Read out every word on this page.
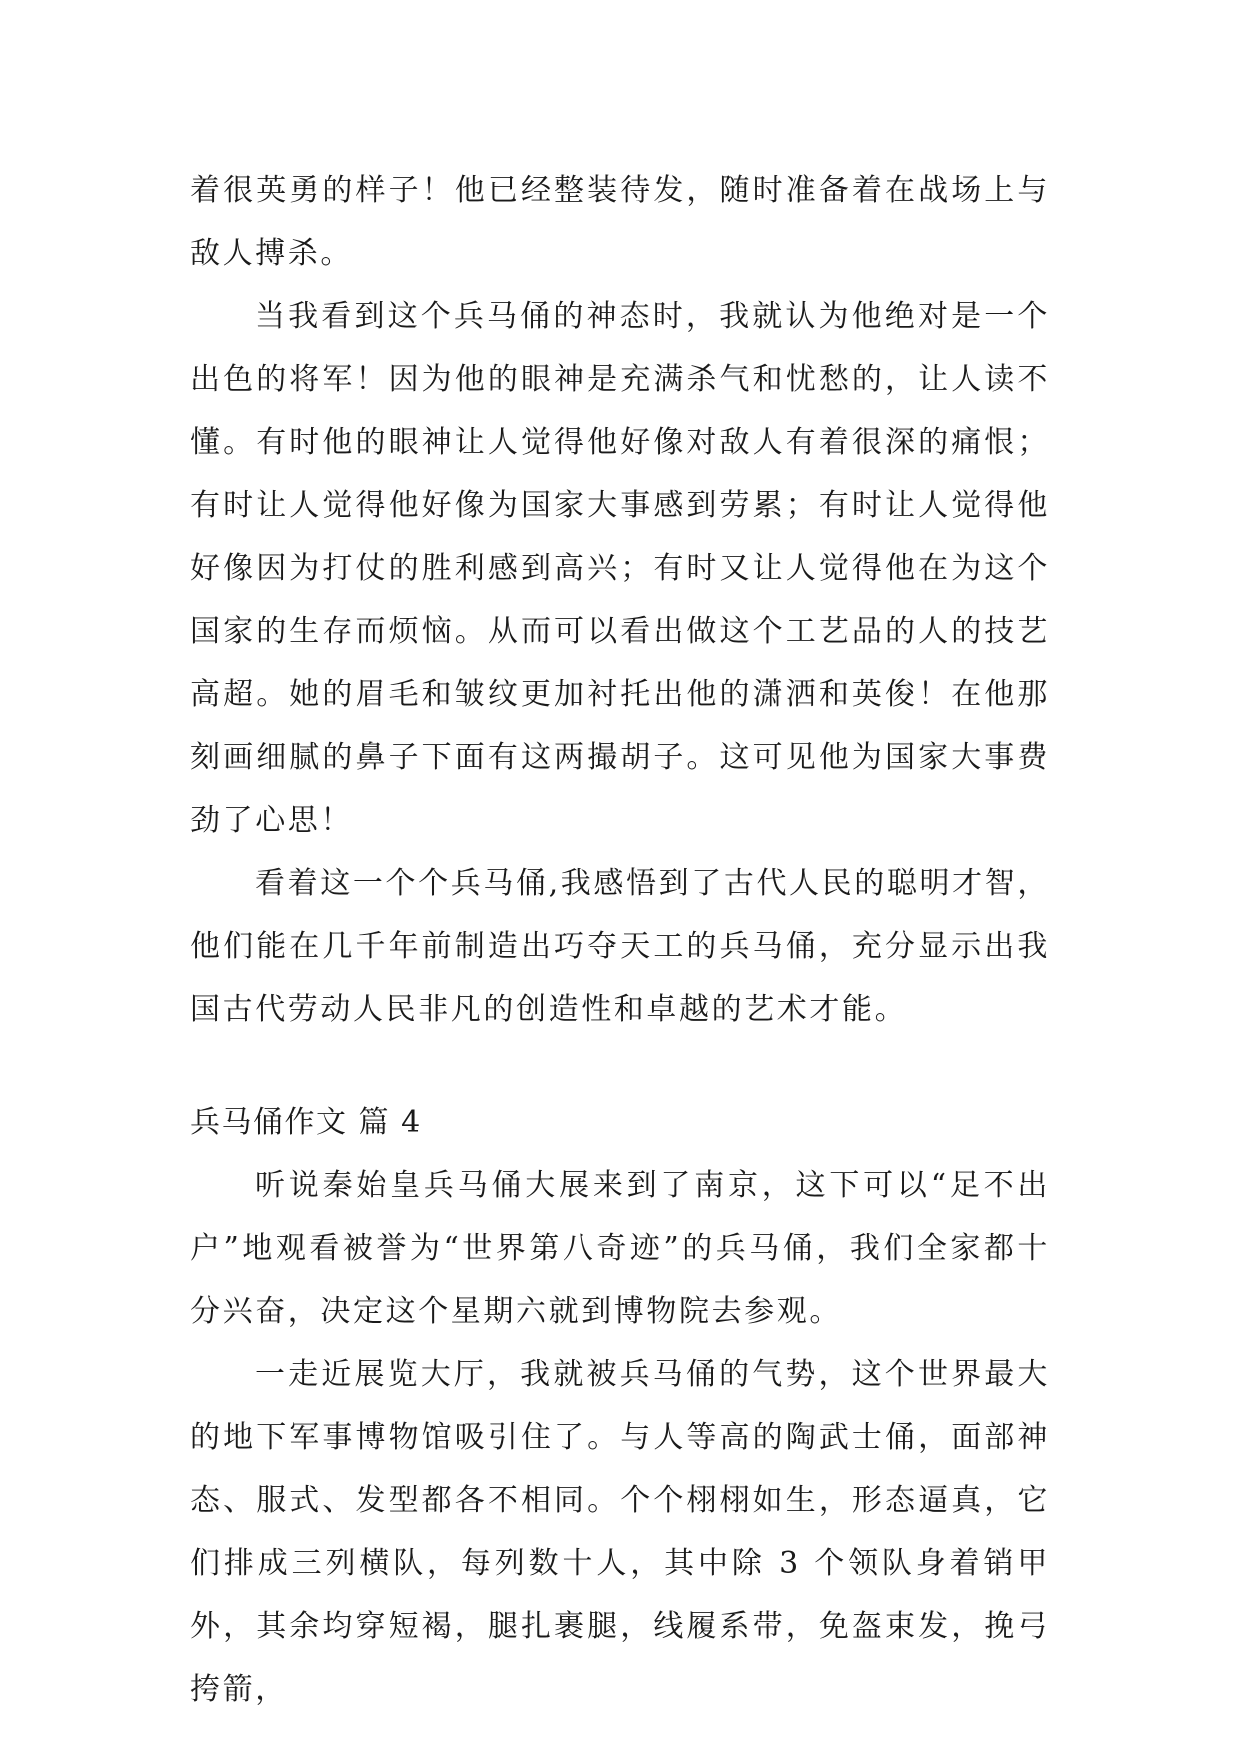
着很英勇的样子！他已经整装待发，随时准备着在战场上与敌人搏杀。

当我看到这个兵马俑的神态时，我就认为他绝对是一个出色的将军！因为他的眼神是充满杀气和忧愁的，让人读不懂。有时他的眼神让人觉得他好像对敌人有着很深的痛恨；有时让人觉得他好像为国家大事感到劳累；有时让人觉得他好像因为打仗的胜利感到高兴；有时又让人觉得他在为这个国家的生存而烦恼。从而可以看出做这个工艺品的人的技艺高超。她的眉毛和皱纹更加衬托出他的潇洒和英俊！在他那刻画细腻的鼻子下面有这两撮胡子。这可见他为国家大事费劲了心思！

看着这一个个兵马俑,我感悟到了古代人民的聪明才智，他们能在几千年前制造出巧夺天工的兵马俑，充分显示出我国古代劳动人民非凡的创造性和卓越的艺术才能。

兵马俑作文 篇 4

听说秦始皇兵马俑大展来到了南京，这下可以“足不出户”地观看被誉为“世界第八奇迹”的兵马俑，我们全家都十分兴奋，决定这个星期六就到博物院去参观。

一走近展览大厅，我就被兵马俑的气势，这个世界最大的地下军事博物馆吸引住了。与人等高的陶武士俑，面部神态、服式、发型都各不相同。个个栩栩如生，形态逼真，它们排成三列横队，每列数十人，其中除 3 个领队身着销甲外，其余均穿短褐，腿扎裹腿，线履系带，免盔束发，挽弓挎箭，
